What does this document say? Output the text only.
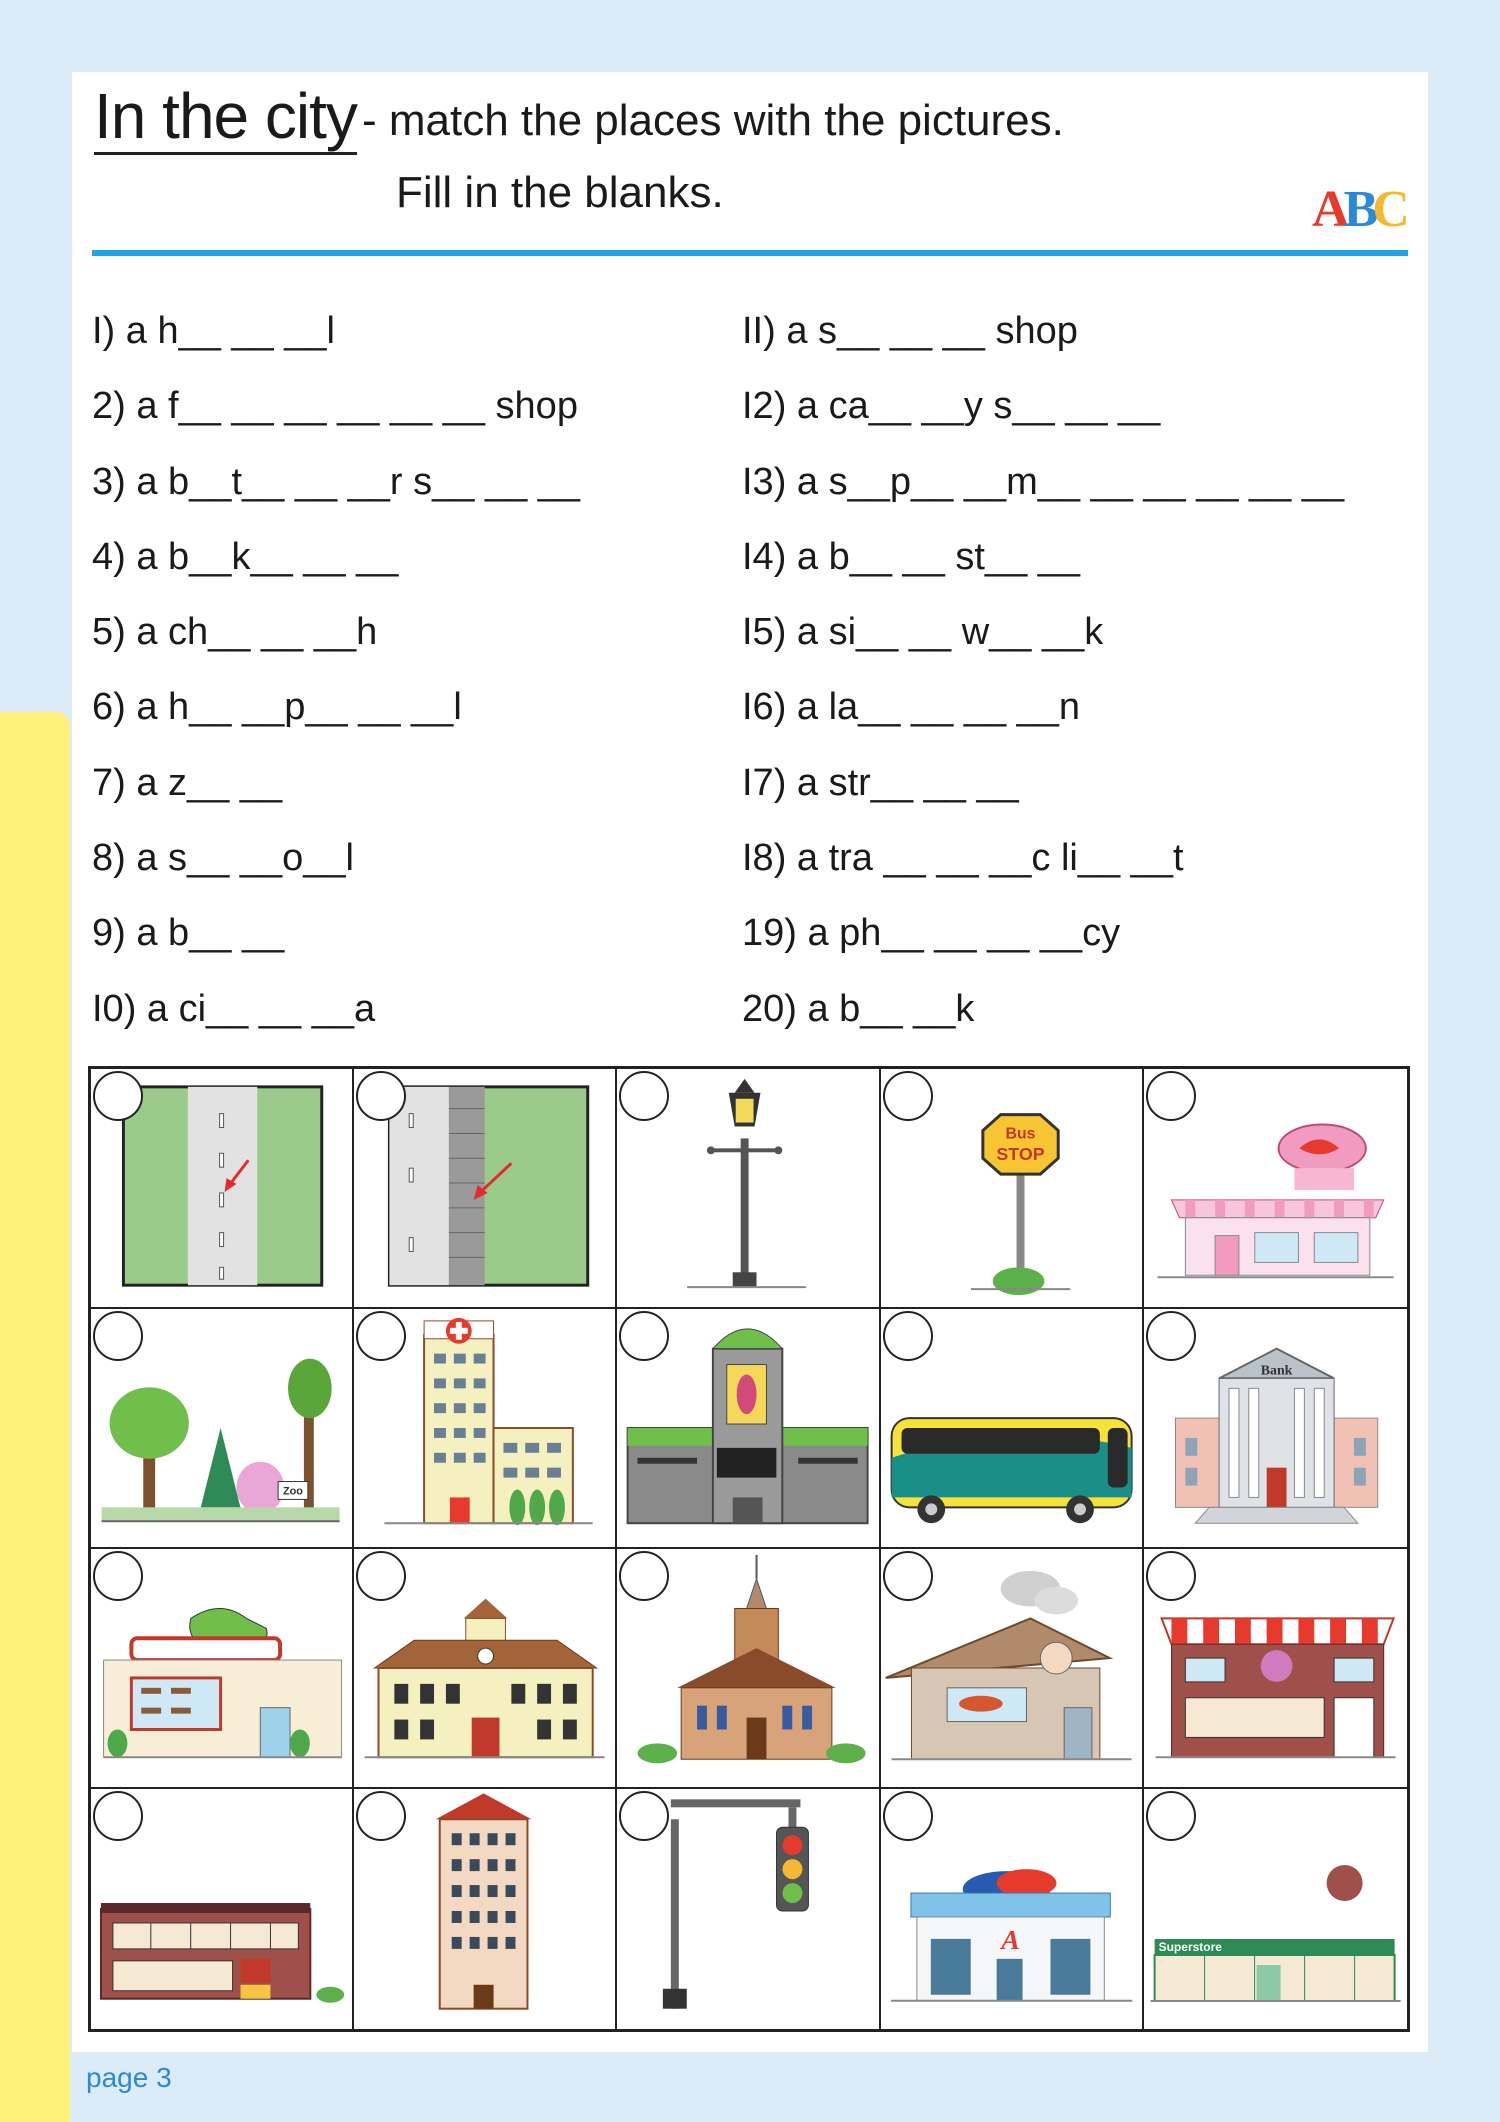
In the city - match the places with the pictures.
Fill in the blanks.	ABC
I) a h__ __ __l
2) a f__ __ __ __ __ __ shop
3) a b__t__ __ __r s__ __ __
4) a b__k__ __ __
5) a ch__ __ __h
6) a h__ __p__ __ __l
7) a z__ __
8) a s__ __o__l
9) a b__ __
I0) a ci__ __ __a
II) a s__ __ __ shop
I2) a ca__ __y s__ __ __
I3) a s__p__ __m__ __ __ __ __ __
I4) a b__ __ st__ __
I5) a si__ __ w__ __k
I6) a la__ __ __ __n
I7) a str__ __ __
I8) a tra __ __ __c li__ __t
19) a ph__ __ __ __cy
20) a b__ __k
Bus
STOP
Zoo
Bank
A	Superstore
page 3
